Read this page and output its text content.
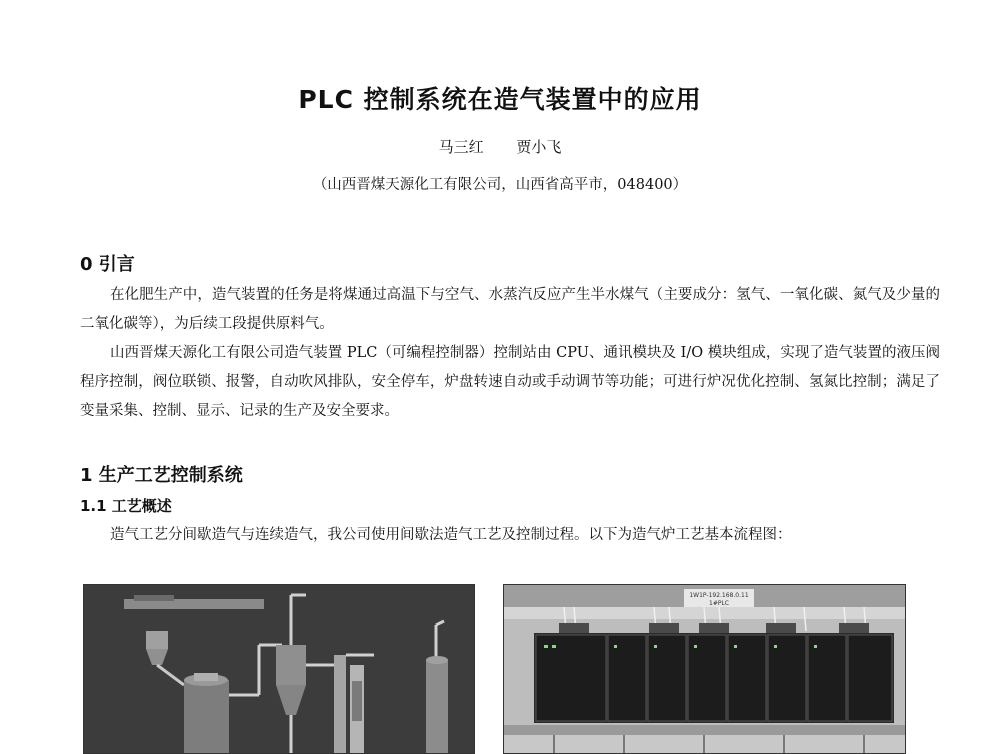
PLC 控制系统在造气装置中的应用
马三红 贾小飞
（山西晋煤天源化工有限公司，山西省高平市，048400）
0 引言

在化肥生产中，造气装置的任务是将煤通过高温下与空气、水蒸汽反应产生半水煤气（主要成分：氢气、一氧化碳、氮气及少量的二氧化碳等），为后续工段提供原料气。

山西晋煤天源化工有限公司造气装置 PLC（可编程控制器）控制站由 CPU、通讯模块及 I/O 模块组成，实现了造气装置的液压阀程序控制，阀位联锁、报警，自动吹风排队，安全停车，炉盘转速自动或手动调节等功能；可进行炉况优化控制、氢氮比控制；满足了变量采集、控制、显示、记录的生产及安全要求。

1 生产工艺控制系统
1.1 工艺概述

造气工艺分间歇造气与连续造气，我公司使用间歇法造气工艺及控制过程。以下为造气炉工艺基本流程图：

1W1P-192.168.0.11
1#PLC
